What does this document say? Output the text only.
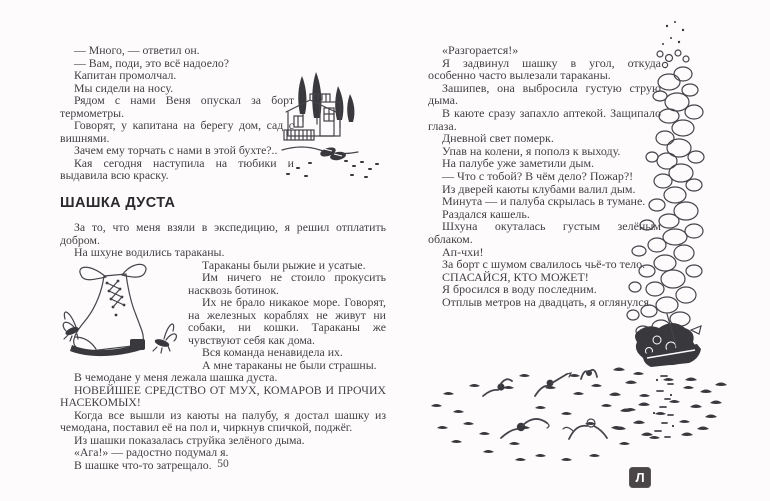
— Много, — ответил он.

— Вам, поди, это всё надоело?

Капитан промолчал.

Мы сидели на носу.

Рядом с нами Веня опускал за борт термометры.

Говорят, у капитана на берегу дом, сад с вишнями.

Зачем ему торчать с нами в этой бухте?..

Кая сегодня наступила на тюбики и выдавила всю краску.

ШАШКА ДУСТА

За то, что меня взяли в экспедицию, я решил отплатить добром.

На шхуне водились тараканы.

Тараканы были рыжие и усатые.

Им ничего не стоило прокусить насквозь ботинок.

Их не брало никакое море. Говорят, на железных кораблях не живут ни собаки, ни кошки. Тараканы же чувствуют себя как дома.

Вся команда ненавидела их.

А мне тараканы не были страшны.

В чемодане у меня лежала шашка дуста.

НОВЕЙШЕЕ СРЕДСТВО ОТ МУХ, КОМАРОВ И ПРОЧИХ НАСЕКОМЫХ!

Когда все вышли из каюты на палубу, я достал шашку из чемодана, поставил её на пол и, чиркнув спичкой, поджёг.

Из шашки показалась струйка зелёного дыма.

«Ага!» — радостно подумал я.

В шашке что-то затрещало. 50

«Разгорается!»

Я задвинул шашку в угол, откуда особенно часто вылезали тараканы.

Зашипев, она выбросила густую струю дыма.

В каюте сразу запахло аптекой. Защипало глаза.

Дневной свет померк.

Упав на колени, я пополз к выходу.

На палубе уже заметили дым.

— Что с тобой? В чём дело? Пожар?!

Из дверей каюты клубами валил дым.

Минута — и палуба скрылась в тумане.

Раздался кашель.

Шхуна окуталась густым зелёным облаком.

Ап-чхи!

За борт с шумом свалилось чьё-то тело.

СПАСАЙСЯ, КТО МОЖЕТ!

Я бросился в воду последним.

Отплыв метров на двадцать, я оглянулся.

Л
